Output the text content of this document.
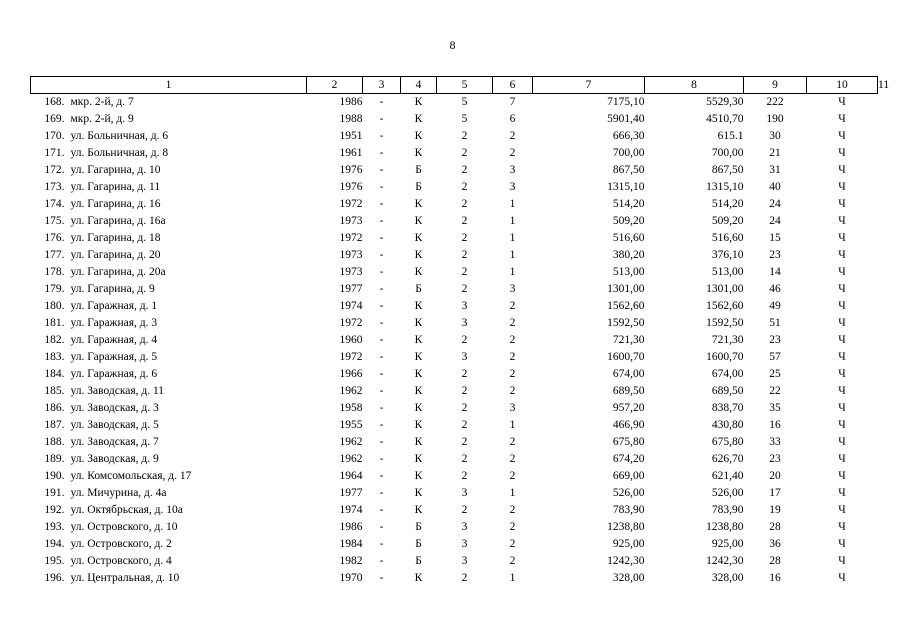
8
1	2	3	4	5	6	7	8	9	10	11
168. мкр. 2-й, д. 7	1986	-	К	5	7	7175,10	5529,30	222	Ч	
169. мкр. 2-й, д. 9	1988	-	К	5	6	5901,40	4510,70	190	Ч	
170. ул. Больничная, д. 6	1951	-	К	2	2	666,30	615.1	30	Ч	
171. ул. Больничная, д. 8	1961	-	К	2	2	700,00	700,00	21	Ч	
172. ул. Гагарина, д. 10	1976	-	Б	2	3	867,50	867,50	31	Ч	
173. ул. Гагарина, д. 11	1976	-	Б	2	3	1315,10	1315,10	40	Ч	
174. ул. Гагарина, д. 16	1972	-	К	2	1	514,20	514,20	24	Ч	
175. ул. Гагарина, д. 16а	1973	-	К	2	1	509,20	509,20	24	Ч	
176. ул. Гагарина, д. 18	1972	-	К	2	1	516,60	516,60	15	Ч	
177. ул. Гагарина, д. 20	1973	-	К	2	1	380,20	376,10	23	Ч	
178. ул. Гагарина, д. 20а	1973	-	К	2	1	513,00	513,00	14	Ч	
179. ул. Гагарина, д. 9	1977	-	Б	2	3	1301,00	1301,00	46	Ч	
180. ул. Гаражная, д. 1	1974	-	К	3	2	1562,60	1562,60	49	Ч	
181. ул. Гаражная, д. 3	1972	-	К	3	2	1592,50	1592,50	51	Ч	
182. ул. Гаражная, д. 4	1960	-	К	2	2	721,30	721,30	23	Ч	
183. ул. Гаражная, д. 5	1972	-	К	3	2	1600,70	1600,70	57	Ч	
184. ул. Гаражная, д. 6	1966	-	К	2	2	674,00	674,00	25	Ч	
185. ул. Заводская, д. 11	1962	-	К	2	2	689,50	689,50	22	Ч	
186. ул. Заводская, д. 3	1958	-	К	2	3	957,20	838,70	35	Ч	
187. ул. Заводская, д. 5	1955	-	К	2	1	466,90	430,80	16	Ч	
188. ул. Заводская, д. 7	1962	-	К	2	2	675,80	675,80	33	Ч	
189. ул. Заводская, д. 9	1962	-	К	2	2	674,20	626,70	23	Ч	
190. ул. Комсомольская, д. 17	1964	-	К	2	2	669,00	621,40	20	Ч	
191. ул. Мичурина, д. 4а	1977	-	К	3	1	526,00	526,00	17	Ч	
192. ул. Октябрьская, д. 10а	1974	-	К	2	2	783,90	783,90	19	Ч	
193. ул. Островского, д. 10	1986	-	Б	3	2	1238,80	1238,80	28	Ч	
194. ул. Островского, д. 2	1984	-	Б	3	2	925,00	925,00	36	Ч	
195. ул. Островского, д. 4	1982	-	Б	3	2	1242,30	1242,30	28	Ч	
196. ул. Центральная, д. 10	1970	-	К	2	1	328,00	328,00	16	Ч	
